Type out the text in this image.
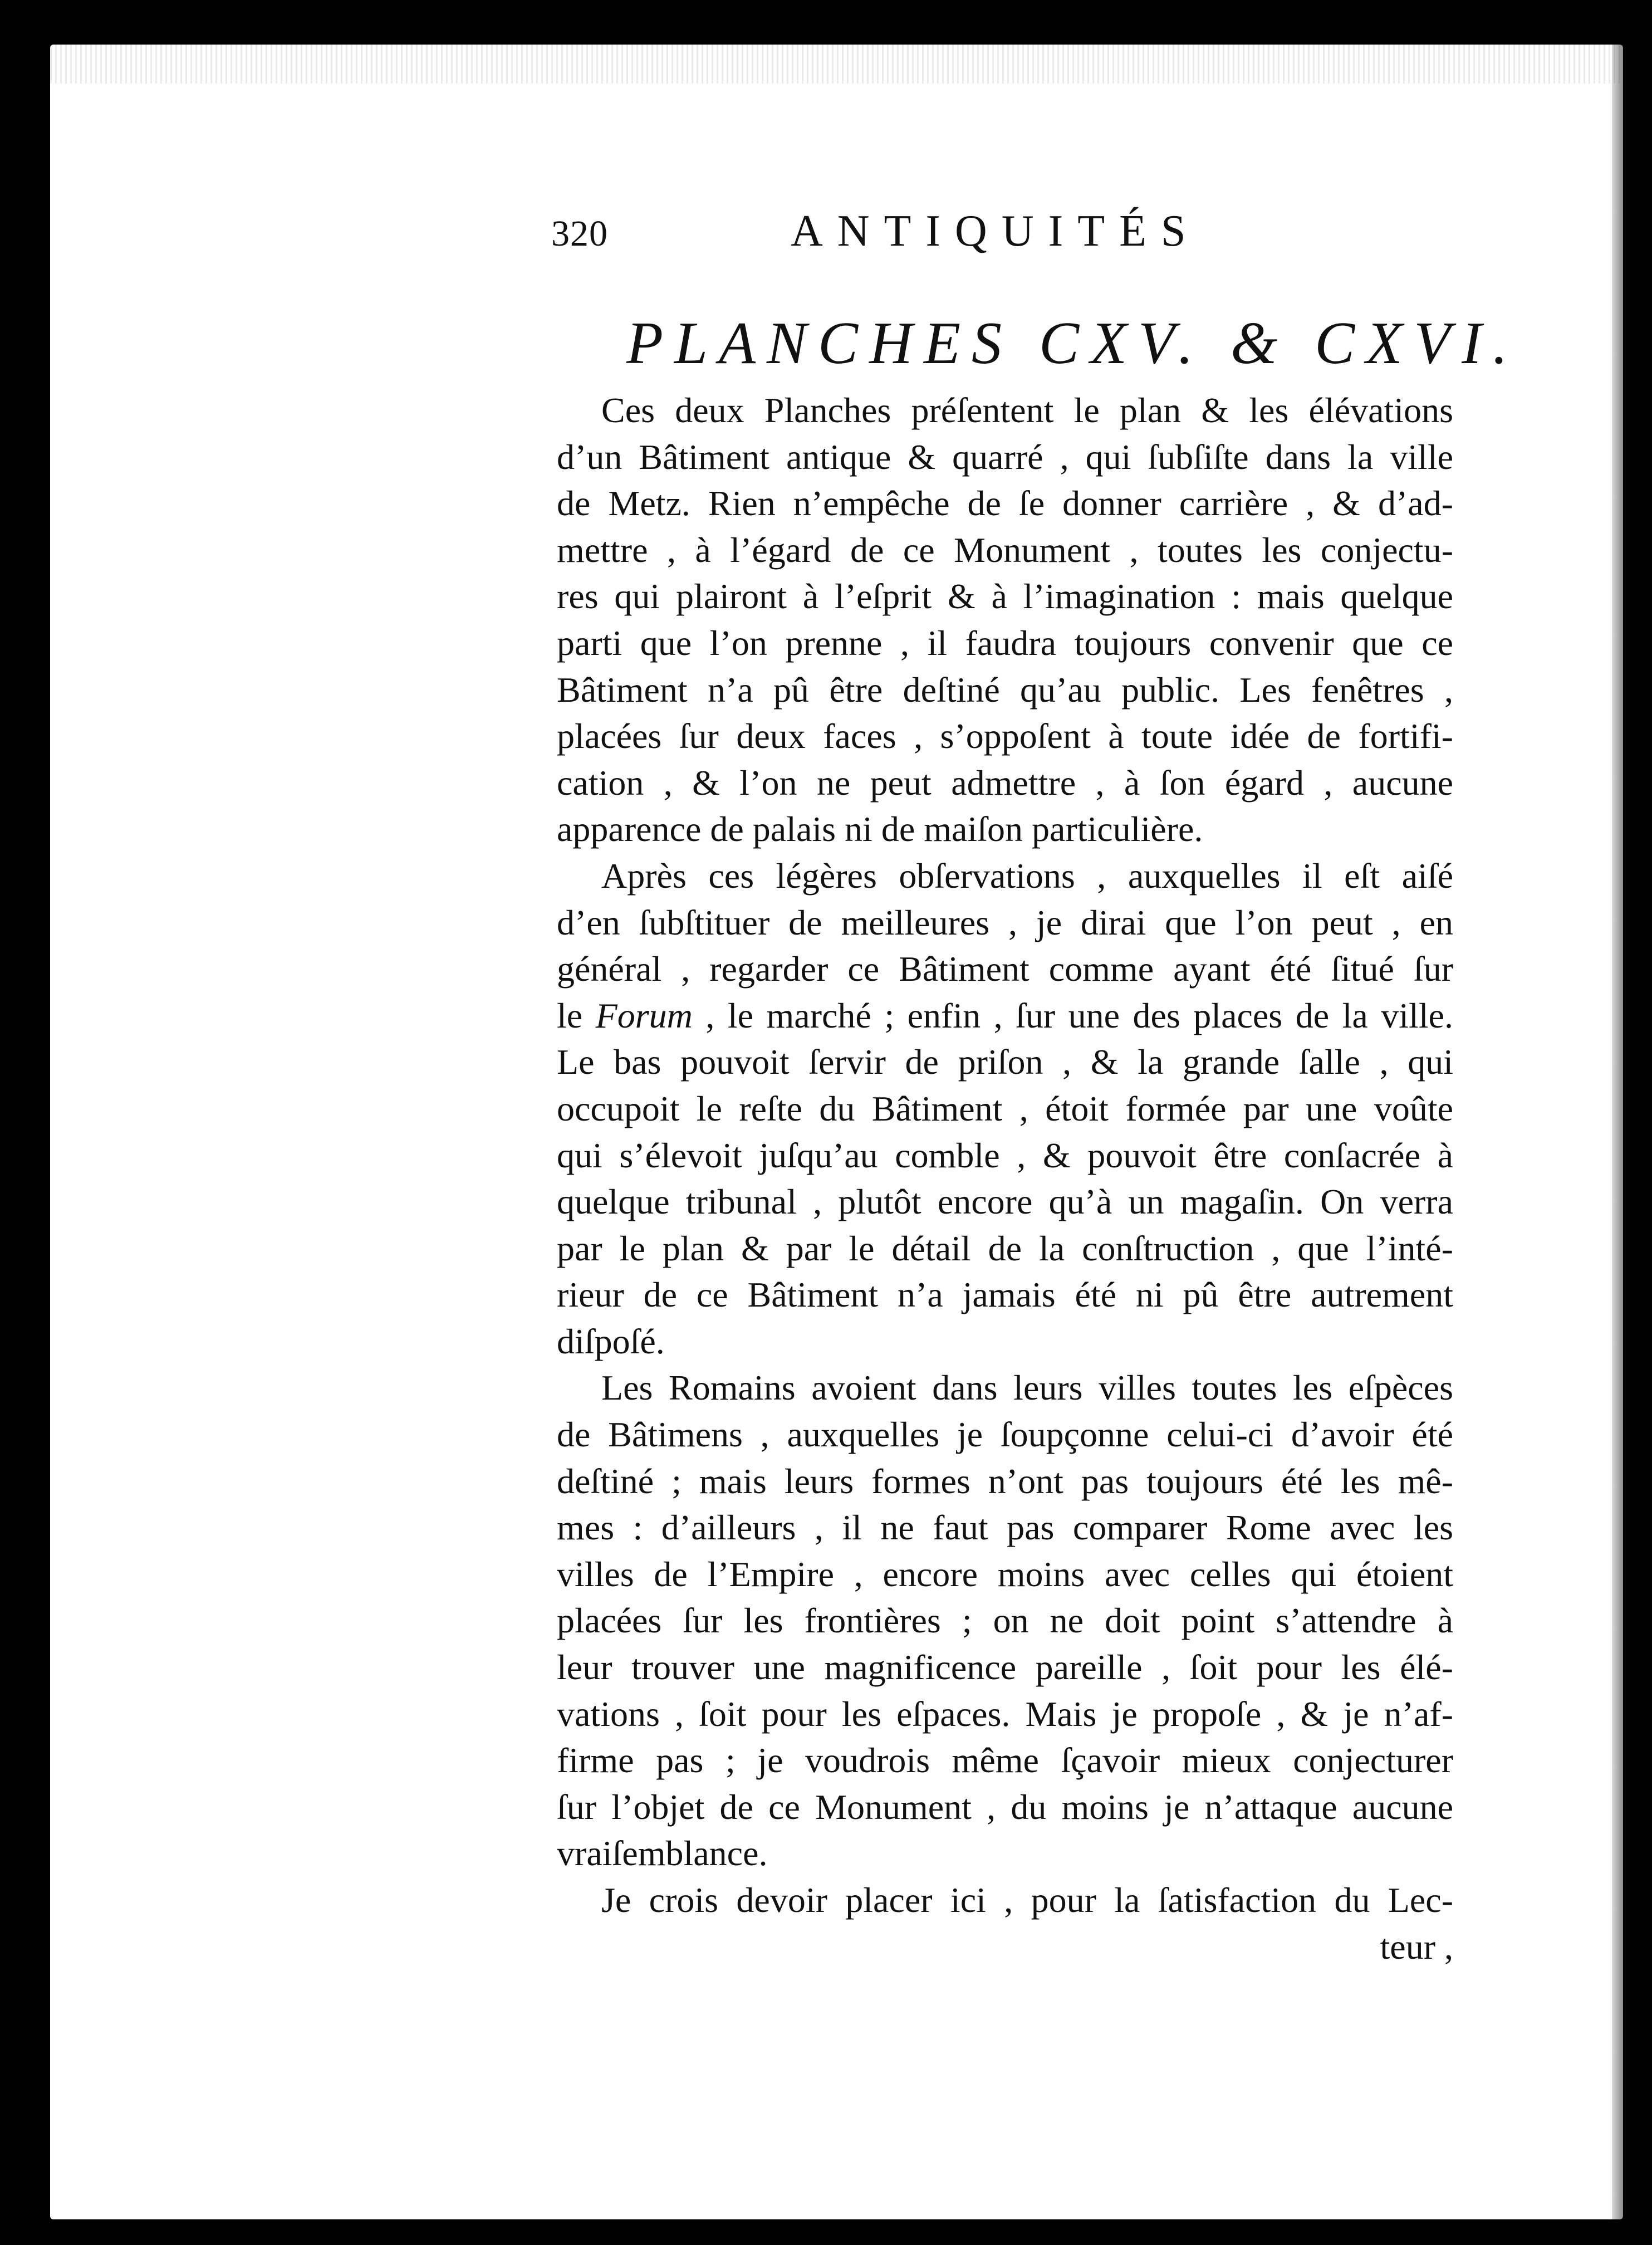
320	ANTIQUITÉS
PLANCHES CXV. & CXVI.
Ces deux Planches préſentent le plan & les élévations
d’un Bâtiment antique & quarré , qui ſubſiſte dans la ville
de Metz. Rien n’empêche de ſe donner carrière , & d’ad-
mettre , à l’égard de ce Monument , toutes les conjectu-
res qui plairont à l’eſprit & à l’imagination : mais quelque
parti que l’on prenne , il faudra toujours convenir que ce
Bâtiment n’a pû être deſtiné qu’au public. Les fenêtres ,
placées ſur deux faces , s’oppoſent à toute idée de fortifi-
cation , & l’on ne peut admettre , à ſon égard , aucune
apparence de palais ni de maiſon particulière.
Après ces légères obſervations , auxquelles il eſt aiſé
d’en ſubſtituer de meilleures , je dirai que l’on peut , en
général , regarder ce Bâtiment comme ayant été ſitué ſur
le Forum , le marché ; enfin , ſur une des places de la ville.
Le bas pouvoit ſervir de priſon , & la grande ſalle , qui
occupoit le reſte du Bâtiment , étoit formée par une voûte
qui s’élevoit juſqu’au comble , & pouvoit être conſacrée à
quelque tribunal , plutôt encore qu’à un magaſin. On verra
par le plan & par le détail de la conſtruction , que l’inté-
rieur de ce Bâtiment n’a jamais été ni pû être autrement
diſpoſé.
Les Romains avoient dans leurs villes toutes les eſpèces
de Bâtimens , auxquelles je ſoupçonne celui-ci d’avoir été
deſtiné ; mais leurs formes n’ont pas toujours été les mê-
mes : d’ailleurs , il ne faut pas comparer Rome avec les
villes de l’Empire , encore moins avec celles qui étoient
placées ſur les frontières ; on ne doit point s’attendre à
leur trouver une magnificence pareille , ſoit pour les élé-
vations , ſoit pour les eſpaces. Mais je propoſe , & je n’af-
firme pas ; je voudrois même ſçavoir mieux conjecturer
ſur l’objet de ce Monument , du moins je n’attaque aucune
vraiſemblance.
Je crois devoir placer ici , pour la ſatisfaction du Lec-
teur ,
